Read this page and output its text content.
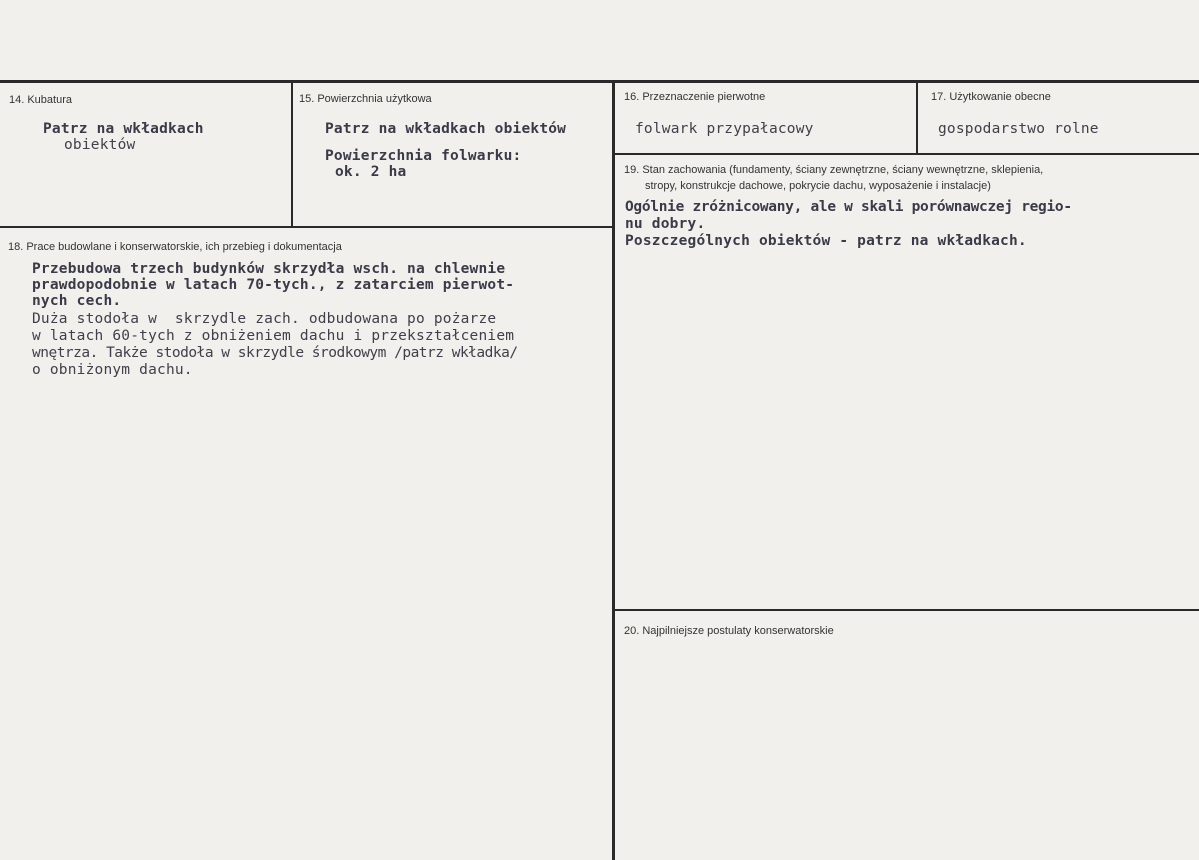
14. Kubatura
Patrz na wkładkach
obiektów
15. Powierzchnia użytkowa
Patrz na wkładkach obiektów
Powierzchnia folwarku:
ok. 2 ha
16. Przeznaczenie pierwotne
folwark przypałacowy
17. Użytkowanie obecne
gospodarstwo rolne
18. Prace budowlane i konserwatorskie, ich przebieg i dokumentacja
Przebudowa trzech budynków skrzydła wsch. na chlewnie
prawdopodobnie w latach 70-tych., z zatarciem pierwot-
nych cech.
Duża stodoła w  skrzydle zach. odbudowana po pożarze
w latach 60-tych z obniżeniem dachu i przekształceniem
wnętrza. Także stodoła w skrzydle środkowym /patrz wkładka/
o obniżonym dachu.
19. Stan zachowania (fundamenty, ściany zewnętrzne, ściany wewnętrzne, sklepienia,
stropy, konstrukcje dachowe, pokrycie dachu, wyposażenie i instalacje)
Ogólnie zróżnicowany, ale w skali porównawczej regio-
nu dobry.
Poszczególnych obiektów - patrz na wkładkach.
20. Najpilniejsze postulaty konserwatorskie
